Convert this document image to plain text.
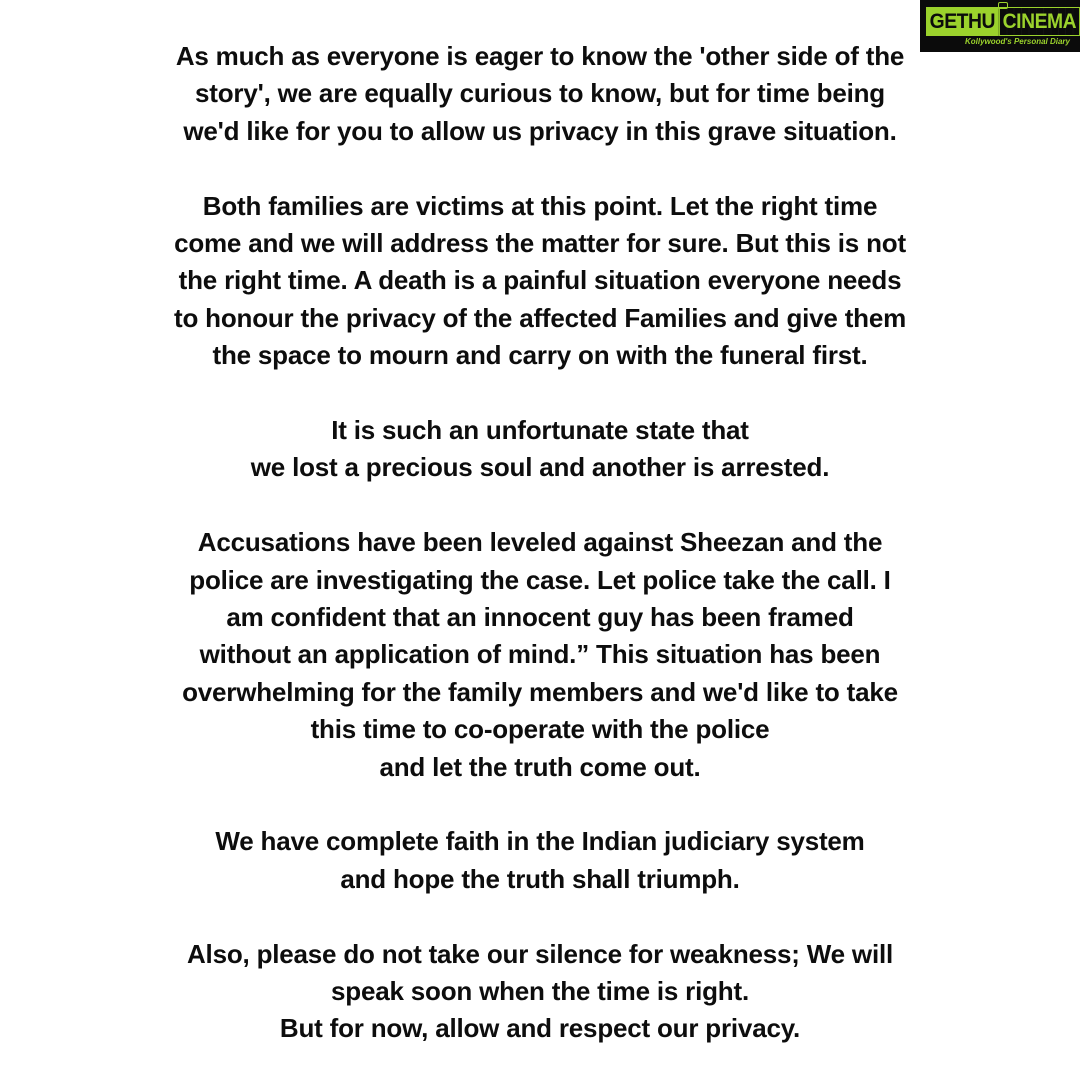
GETHU CINEMA
Kollywood's Personal Diary
As much as everyone is eager to know the 'other side of the
story', we are equally curious to know, but for time being
we'd like for you to allow us privacy in this grave situation.
Both families are victims at this point. Let the right time
come and we will address the matter for sure. But this is not
the right time. A death is a painful situation everyone needs
to honour the privacy of the affected Families and give them
the space to mourn and carry on with the funeral first.
It is such an unfortunate state that
we lost a precious soul and another is arrested.
Accusations have been leveled against Sheezan and the
police are investigating the case. Let police take the call. I
am confident that an innocent guy has been framed
without an application of mind.” This situation has been
overwhelming for the family members and we'd like to take
this time to co-operate with the police
and let the truth come out.
We have complete faith in the Indian judiciary system
and hope the truth shall triumph.
Also, please do not take our silence for weakness; We will
speak soon when the time is right.
But for now, allow and respect our privacy.
